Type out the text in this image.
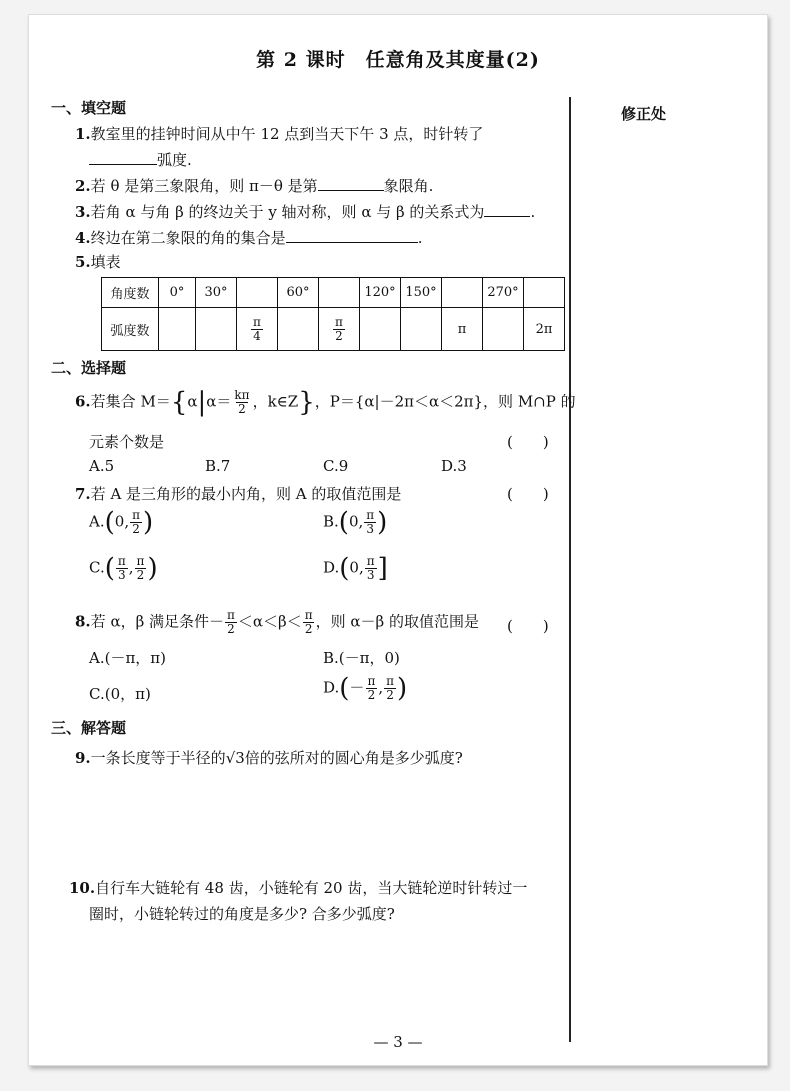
第 2 课时　任意角及其度量(2)
修正处
一、填空题
1.教室里的挂钟时间从中午 12 点到当天下午 3 点，时针转了
弧度.
2.若 θ 是第三象限角，则 π－θ 是第	象限角.
3.若角 α 与角 β 的终边关于 y 轴对称，则 α 与 β 的关系式为	.
4.终边在第二象限的角的集合是	.
5.填表
角度数	0°	30°		60°		120°	150°		270°	
弧度数			$\frac{\pi}{4}$		$\frac{\pi}{2}$			π		2π
二、选择题
6.若集合 $M=\{\alpha|\alpha= \frac{k\pi}{2}$ ，k∈Z}，P＝{α|－2π＜α＜2π}，则 M∩P 的
元素个数是	(　　)
A.5	B.7	C.9	D.3
7.若 A 是三角形的最小内角，则 A 的取值范围是	(　　)
A.(0, $\frac{\pi}{2}$ )	B.(0, $\frac{\pi}{3}$ )
$C.( \frac{\pi}{3}$ , $\frac{\pi}{2}$ )	D.(0, $\frac{\pi}{3}$ ]
8.若 α，β 满足条件－ $\frac{\pi}{2} <\alpha<\beta< \frac{\pi}{2}$ ，则 α－β 的取值范围是 (　　)
A.(－π，π)	B.(－π，0)
C.(0，π)	$D.(- \frac{\pi}{2}$ , $\frac{\pi}{2}$ )
三、解答题
9.一条长度等于半径的√3倍的弦所对的圆心角是多少弧度?
10.自行车大链轮有 48 齿，小链轮有 20 齿，当大链轮逆时针转过一
圈时，小链轮转过的角度是多少? 合多少弧度?
— 3 —
